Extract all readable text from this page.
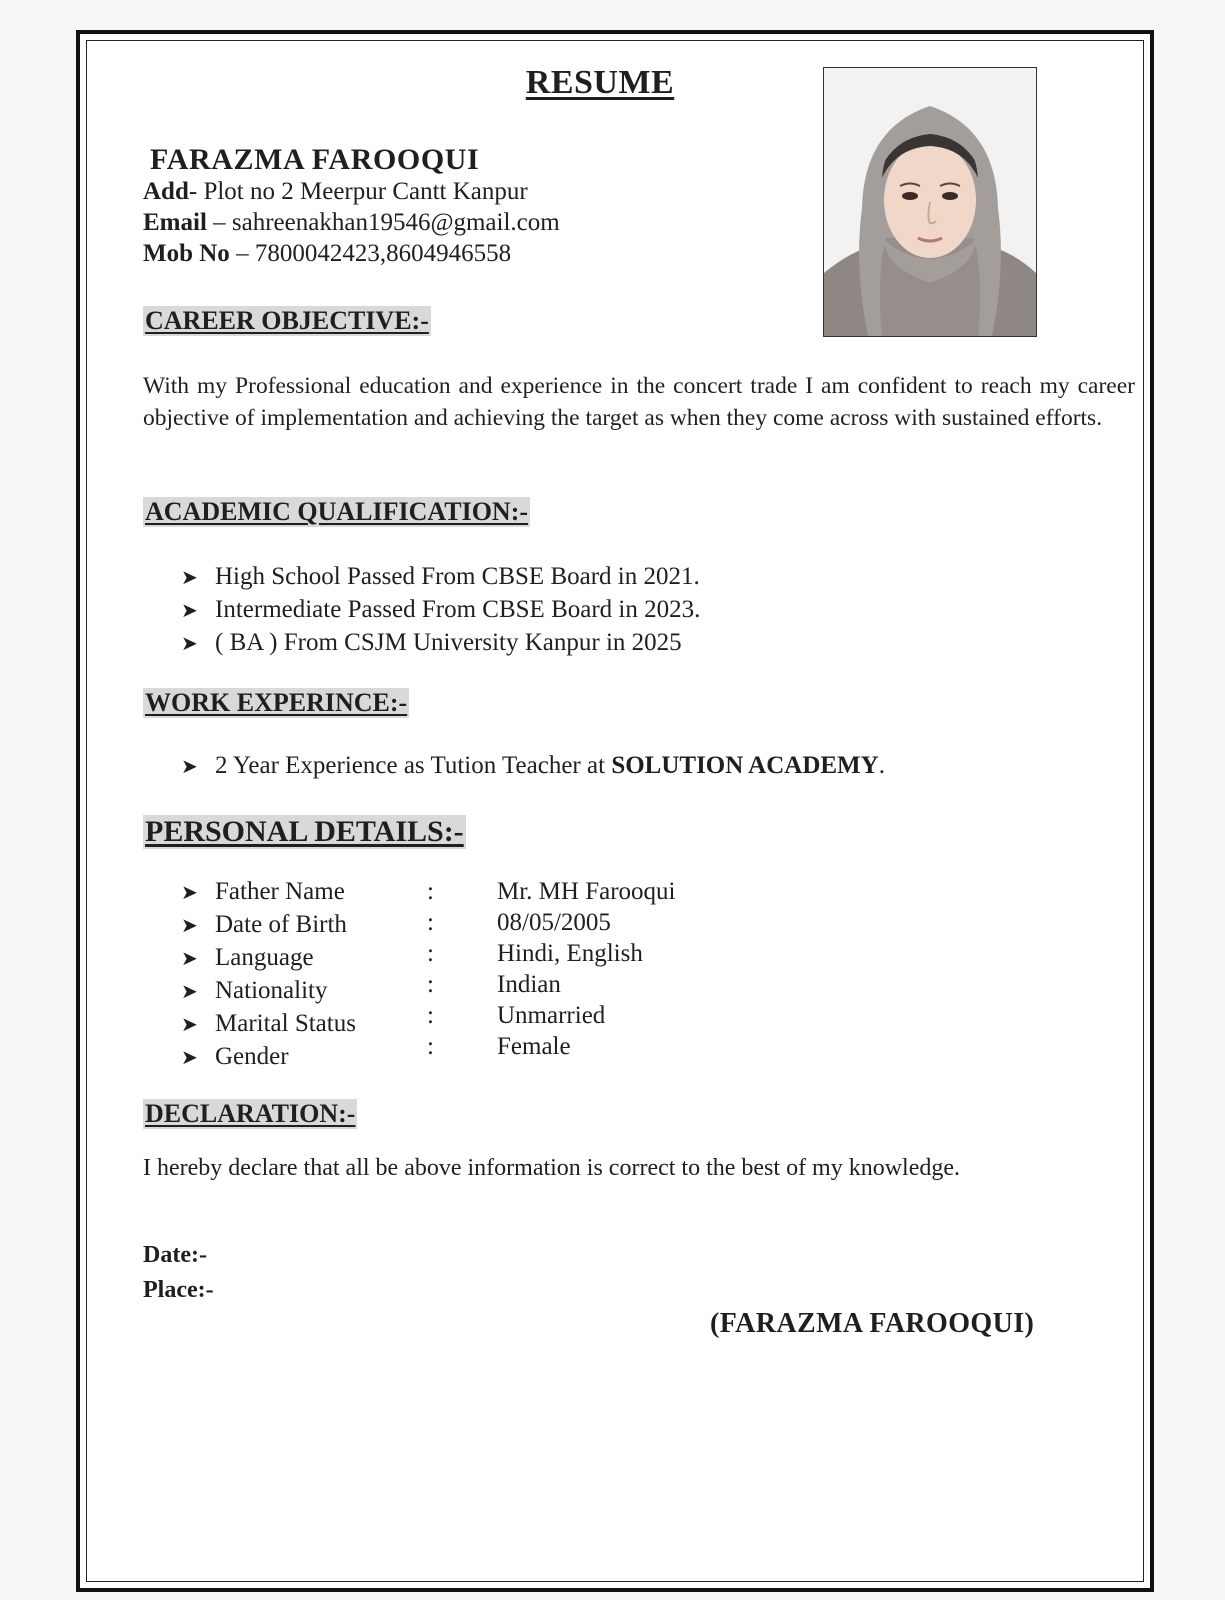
RESUME
FARAZMA FAROOQUI
Add- Plot no 2 Meerpur Cantt Kanpur
Email – sahreenakhan19546@gmail.com
Mob No – 7800042423,8604946558
CAREER OBJECTIVE:-
With my Professional education and experience in the concert trade I am confident to reach my career objective of implementation and achieving the target as when they come across with sustained efforts.
ACADEMIC QUALIFICATION:-
➤ High School Passed From CBSE Board in 2021.
➤ Intermediate Passed From CBSE Board in 2023.
➤ ( BA ) From CSJM University Kanpur in 2025
WORK EXPERINCE:-
➤ 2 Year Experience as Tution Teacher at SOLUTION ACADEMY.
PERSONAL DETAILS:-
➤ Father Name
➤ Date of Birth
➤ Language
➤ Nationality
➤ Marital Status
➤ Gender
:
:
:
:
:
:
Mr. MH Farooqui
08/05/2005
Hindi, English
Indian
Unmarried
Female
DECLARATION:-
I hereby declare that all be above information is correct to the best of my knowledge.
Date:-
Place:-
(FARAZMA FAROOQUI)
